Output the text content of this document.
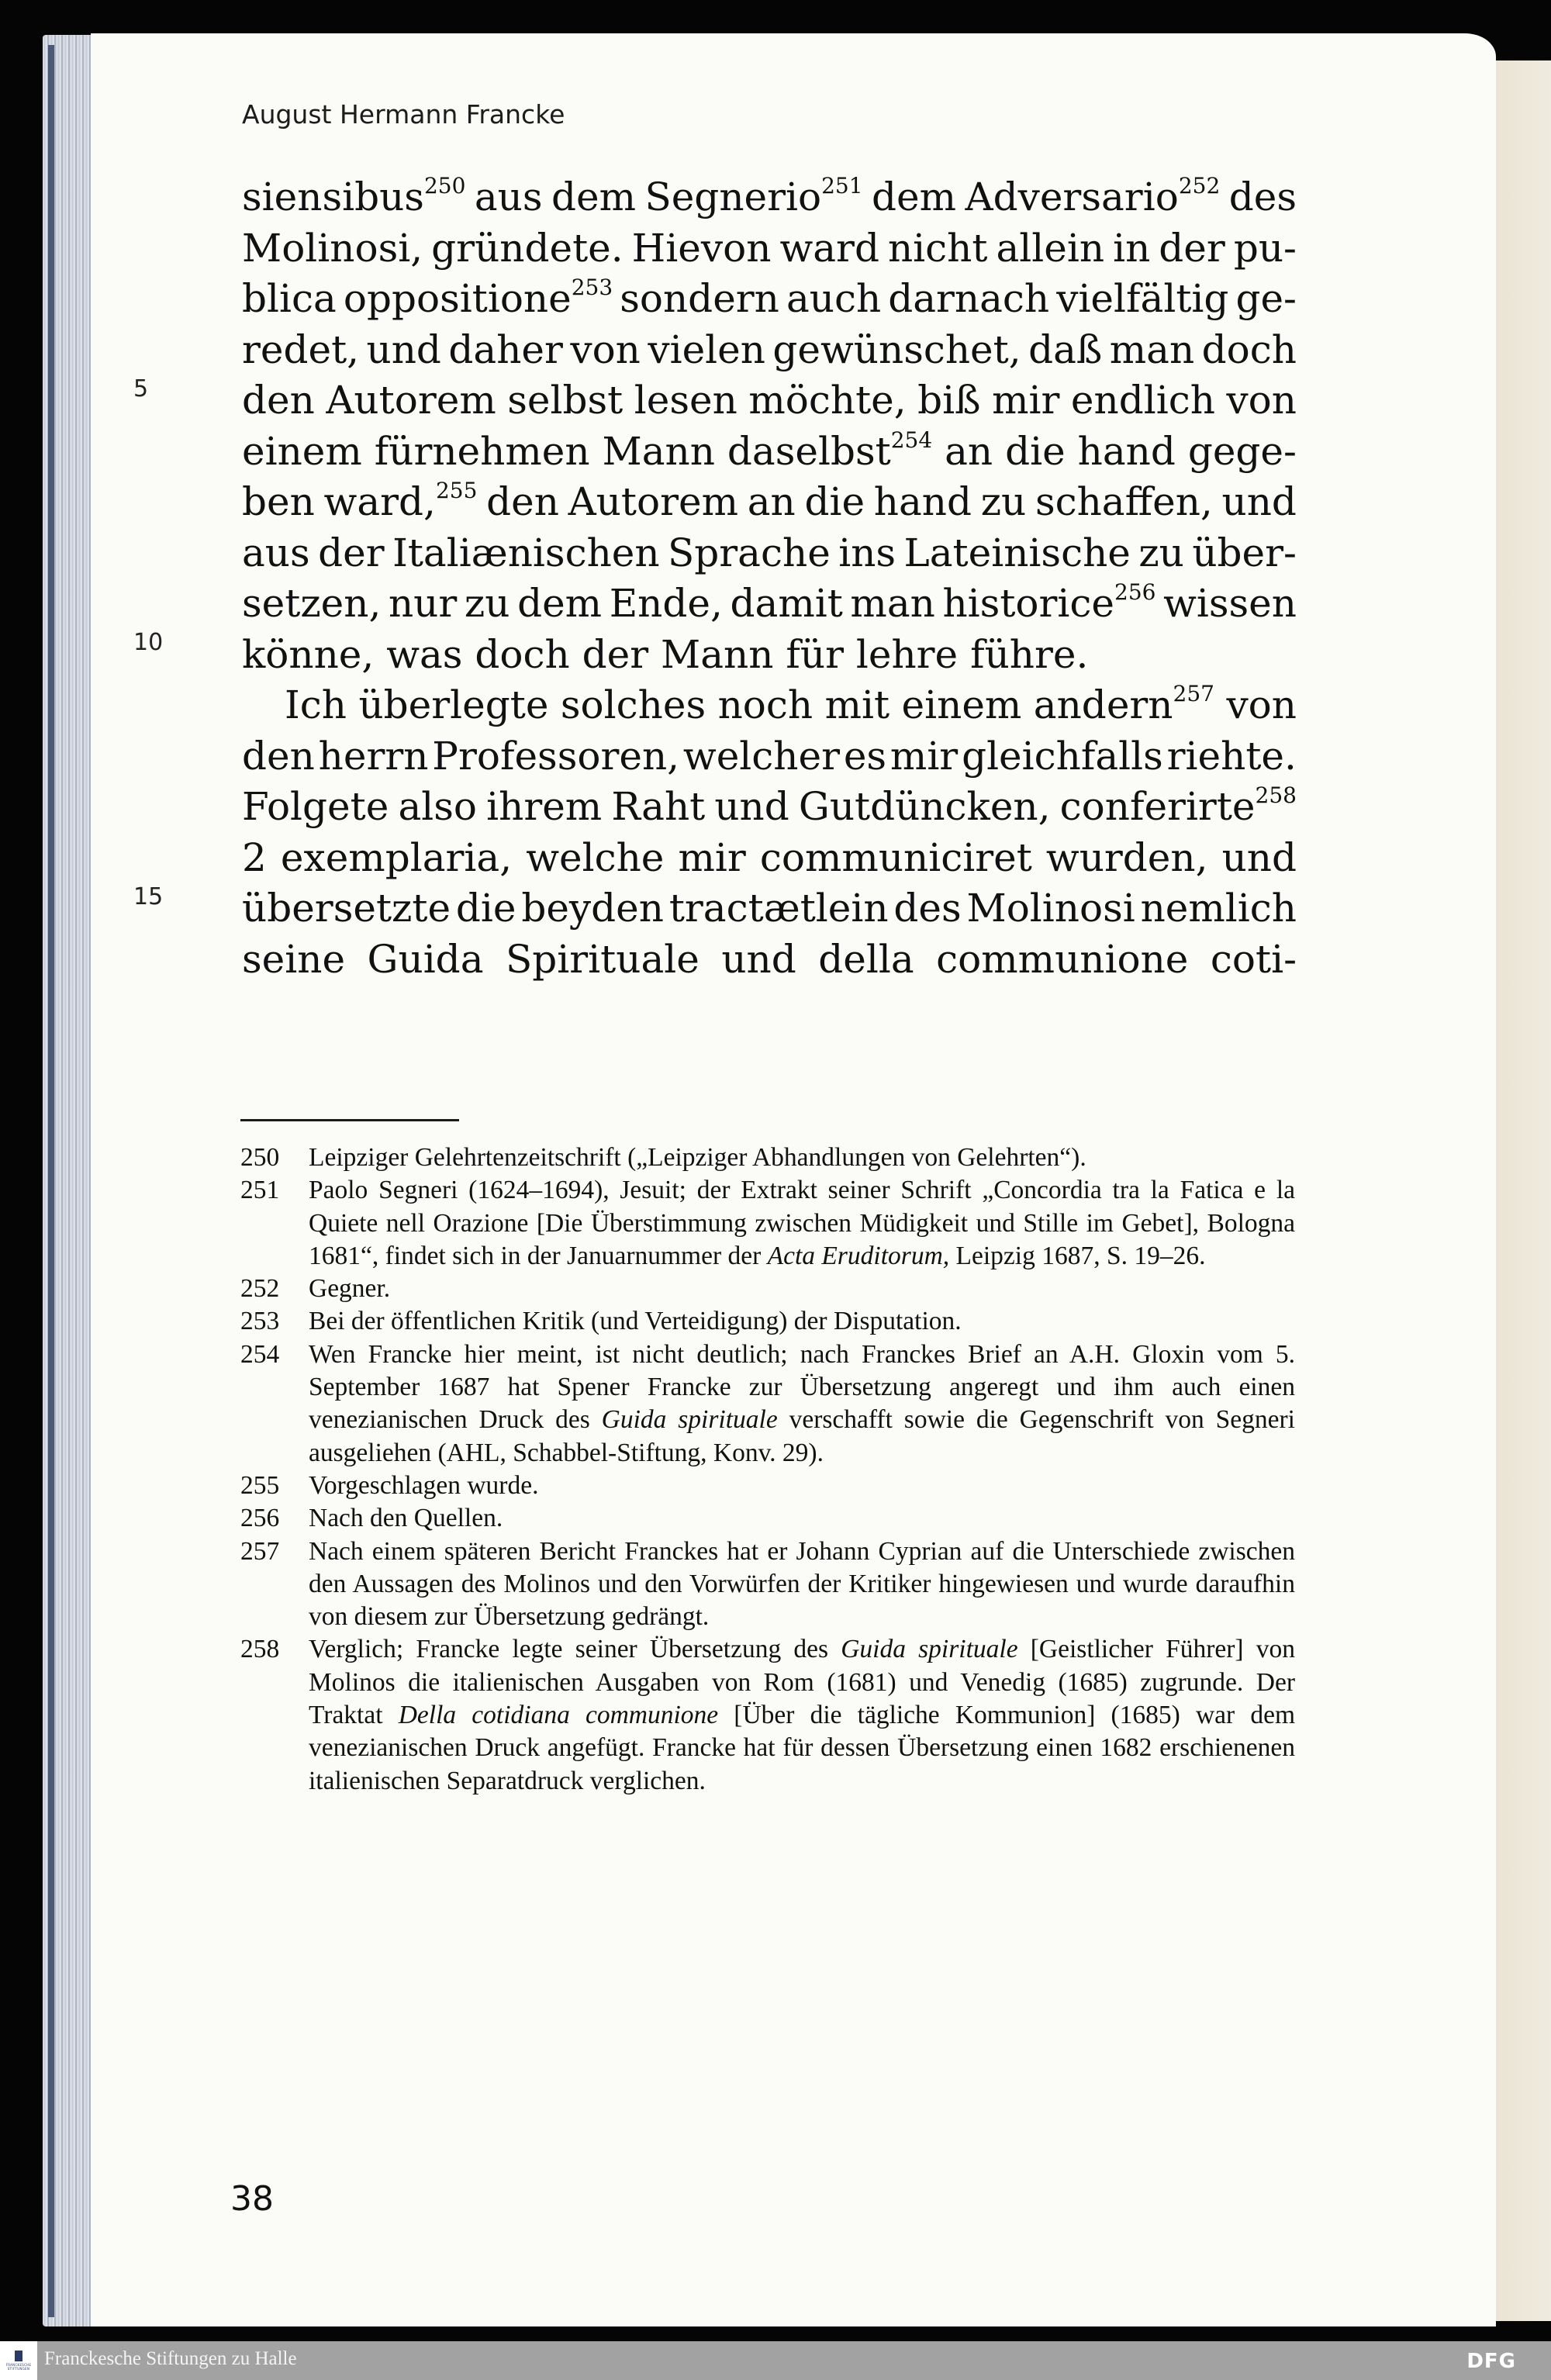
August Hermann Francke
5
10
15
siensibus$^{250}$ aus dem Segnerio$^{251}$ dem Adversario$^{252}$ des
Molinosi, gründete. Hievon ward nicht allein in der pu-
blica oppositione$^{253}$ sondern auch darnach vielfältig ge-
redet, und daher von vielen gewünschet, daß man doch
den Autorem selbst lesen möchte, biß mir endlich von
einem fürnehmen Mann daselbst$^{254}$ an die hand gege-
ben ward,$^{255}$ den Autorem an die hand zu schaffen, und
aus der Italiænischen Sprache ins Lateinische zu über-
setzen, nur zu dem Ende, damit man historice$^{256}$ wissen
könne, was doch der Mann für lehre führe.
Ich überlegte solches noch mit einem andern$^{257}$ von
den herrn Professoren, welcher es mir gleichfalls riehte.
Folgete also ihrem Raht und Gutdüncken, conferirte$^{258}$
2 exemplaria, welche mir communiciret wurden, und
übersetzte die beyden tractætlein des Molinosi nemlich
seine Guida Spirituale und della communione coti-
250	Leipziger Gelehrtenzeitschrift („Leipziger Abhandlungen von Gelehrten“).
251	Paolo Segneri (1624–1694), Jesuit; der Extrakt seiner Schrift „Concordia tra la Fatica e la Quiete nell Orazione [Die Überstimmung zwischen Müdigkeit und Stille im Gebet], Bologna 1681“, findet sich in der Januarnummer der Acta Eruditorum, Leipzig 1687, S. 19–26.
252	Gegner.
253	Bei der öffentlichen Kritik (und Verteidigung) der Disputation.
254	Wen Francke hier meint, ist nicht deutlich; nach Franckes Brief an A.H. Gloxin vom 5. September 1687 hat Spener Francke zur Übersetzung angeregt und ihm auch einen venezianischen Druck des Guida spirituale verschafft sowie die Gegenschrift von Segneri ausgeliehen (AHL, Schabbel-Stiftung, Konv. 29).
255	Vorgeschlagen wurde.
256	Nach den Quellen.
257	Nach einem späteren Bericht Franckes hat er Johann Cyprian auf die Unterschiede zwischen den Aussagen des Molinos und den Vorwürfen der Kritiker hingewiesen und wurde daraufhin von diesem zur Übersetzung gedrängt.
258	Verglich; Francke legte seiner Übersetzung des Guida spirituale [Geistlicher Führer] von Molinos die italienischen Ausgaben von Rom (1681) und Venedig (1685) zugrunde. Der Traktat Della cotidiana communione [Über die tägliche Kommunion] (1685) war dem venezianischen Druck angefügt. Francke hat für dessen Übersetzung einen 1682 erschienenen italienischen Separatdruck verglichen.
38
FRANCKESCHE
STIFTUNGEN Franckesche Stiftungen zu Halle	DFG
